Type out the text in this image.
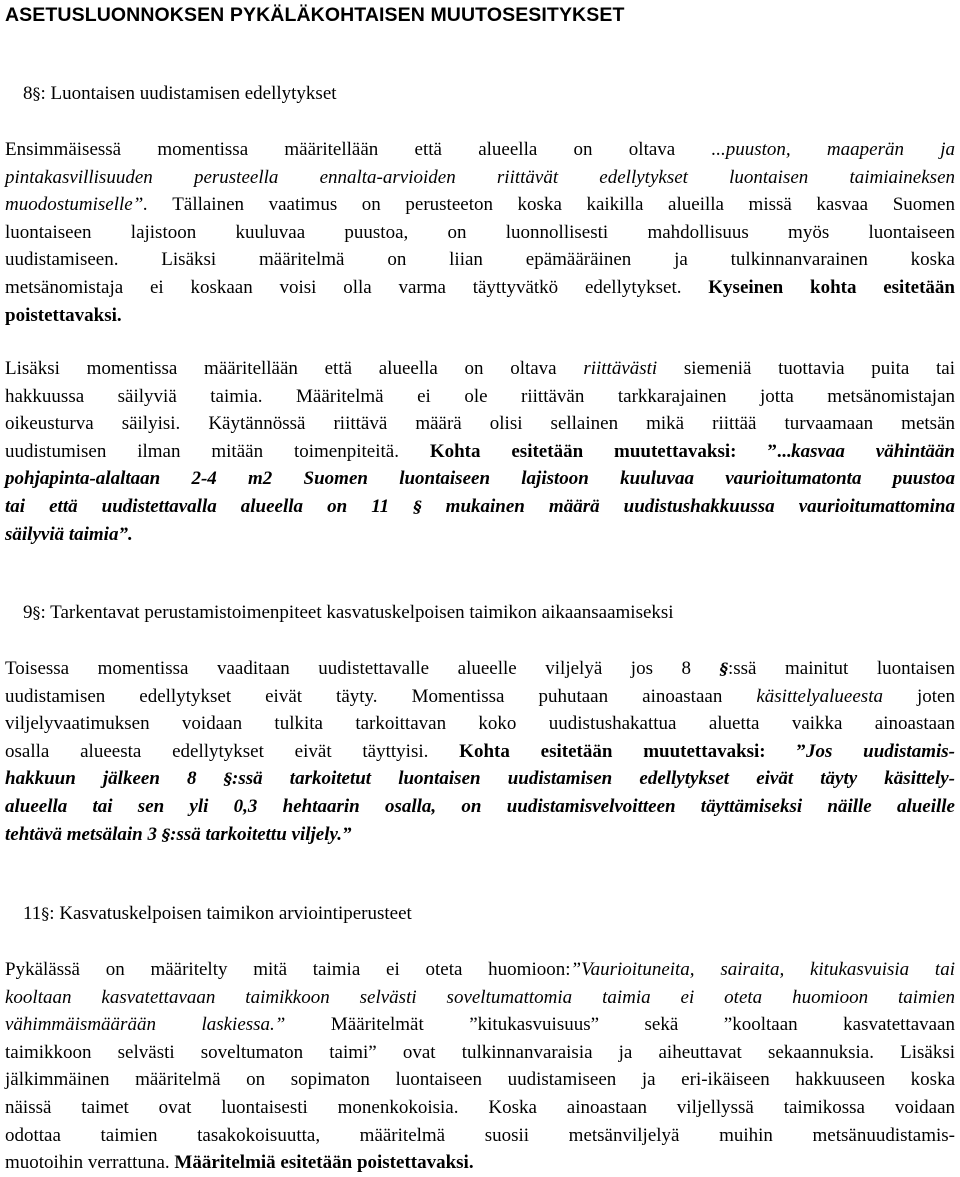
ASETUSLUONNOKSEN PYKÄLÄKOHTAISEN MUUTOSESITYKSET

8§: Luontaisen uudistamisen edellytykset

Ensimmäisessä momentissa määritellään että alueella on oltava ...puuston, maaperän ja
pintakasvillisuuden perusteella ennalta-arvioiden riittävät edellytykset luontaisen taimiaineksen
muodostumiselle”. Tällainen vaatimus on perusteeton koska kaikilla alueilla missä kasvaa Suomen
luontaiseen lajistoon kuuluvaa puustoa, on luonnollisesti mahdollisuus myös luontaiseen
uudistamiseen. Lisäksi määritelmä on liian epämääräinen ja tulkinnanvarainen koska
metsänomistaja ei koskaan voisi olla varma täyttyvätkö edellytykset. Kyseinen kohta esitetään
poistettavaksi.
Lisäksi momentissa määritellään että alueella on oltava riittävästi siemeniä tuottavia puita tai
hakkuussa säilyviä taimia. Määritelmä ei ole riittävän tarkkarajainen jotta metsänomistajan
oikeusturva säilyisi. Käytännössä riittävä määrä olisi sellainen mikä riittää turvaamaan metsän
uudistumisen ilman mitään toimenpiteitä. Kohta esitetään muutettavaksi: ”...kasvaa vähintään
pohjapinta-alaltaan 2-4 m2 Suomen luontaiseen lajistoon kuuluvaa vaurioitumatonta puustoa
tai että uudistettavalla alueella on 11 § mukainen määrä uudistushakkuussa vaurioitumattomina
säilyviä taimia”.

9§: Tarkentavat perustamistoimenpiteet kasvatuskelpoisen taimikon aikaansaamiseksi

Toisessa momentissa vaaditaan uudistettavalle alueelle viljelyä jos 8 §:ssä mainitut luontaisen
uudistamisen edellytykset eivät täyty. Momentissa puhutaan ainoastaan käsittelyalueesta joten
viljelyvaatimuksen voidaan tulkita tarkoittavan koko uudistushakattua aluetta vaikka ainoastaan
osalla alueesta edellytykset eivät täyttyisi. Kohta esitetään muutettavaksi: ”Jos uudistamis-
hakkuun jälkeen 8 §:ssä tarkoitetut luontaisen uudistamisen edellytykset eivät täyty käsittely-
alueella tai sen yli 0,3 hehtaarin osalla, on uudistamisvelvoitteen täyttämiseksi näille alueille
tehtävä metsälain 3 §:ssä tarkoitettu viljely.”

11§: Kasvatuskelpoisen taimikon arviointiperusteet

Pykälässä on määritelty mitä taimia ei oteta huomioon:”Vaurioituneita, sairaita, kitukasvuisia tai
kooltaan kasvatettavaan taimikkoon selvästi soveltumattomia taimia ei oteta huomioon taimien
vähimmäismäärään laskiessa.” Määritelmät ”kitukasvuisuus” sekä ”kooltaan kasvatettavaan
taimikkoon selvästi soveltumaton taimi” ovat tulkinnanvaraisia ja aiheuttavat sekaannuksia. Lisäksi
jälkimmäinen määritelmä on sopimaton luontaiseen uudistamiseen ja eri-ikäiseen hakkuuseen koska
näissä taimet ovat luontaisesti monenkokoisia. Koska ainoastaan viljellyssä taimikossa voidaan
odottaa taimien tasakokoisuutta, määritelmä suosii metsänviljelyä muihin metsänuudistamis-
muotoihin verrattuna. Määritelmiä esitetään poistettavaksi.
